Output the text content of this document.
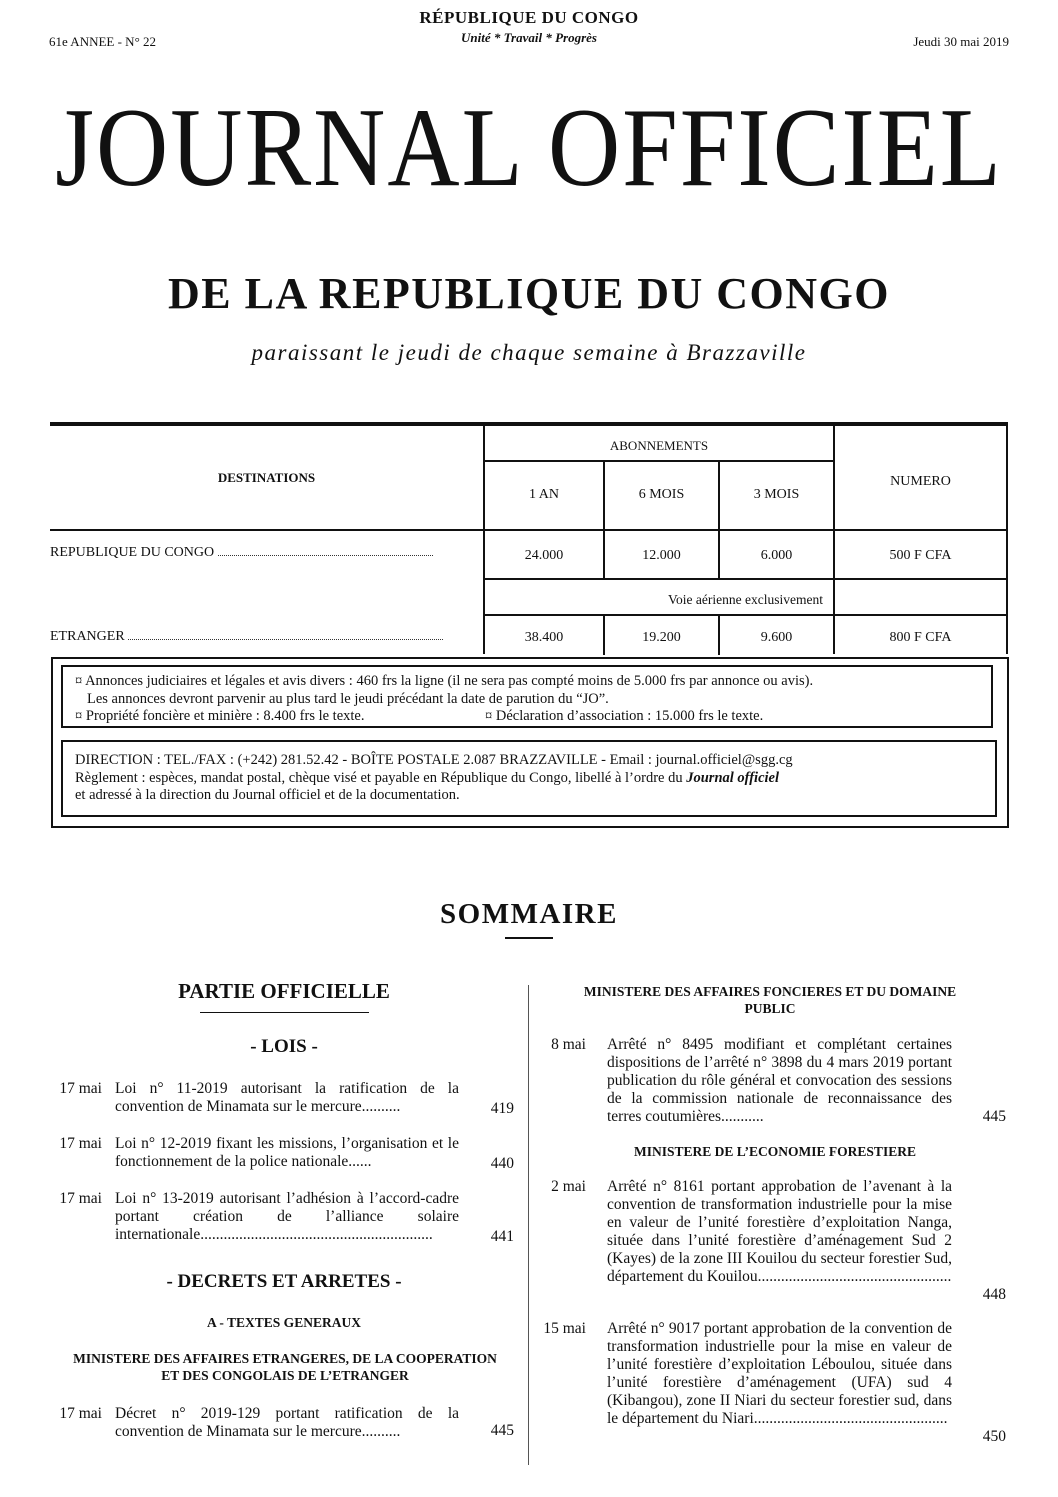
61e ANNEE - N° 22
RÉPUBLIQUE DU CONGO
Unité * Travail * Progrès	Jeudi 30 mai 2019
JOURNAL OFFICIEL
DE LA REPUBLIQUE DU CONGO
paraissant le jeudi de chaque semaine à Brazzaville
DESTINATIONS
ABONNEMENTS
1 AN	6 MOIS	3 MOIS
NUMERO
REPUBLIQUE DU CONGO	24.000	12.000	6.000	500 F CFA
Voie aérienne exclusivement
ETRANGER	38.400	19.200	9.600	800 F CFA
¤ Annonces judiciaires et légales et avis divers : 460 frs la ligne (il ne sera pas compté moins de 5.000 frs par annonce ou avis).
Les annonces devront parvenir au plus tard le jeudi précédant la date de parution du “JO”.
¤ Propriété foncière et minière : 8.400 frs le texte.	¤ Déclaration d’association : 15.000 frs le texte.
DIRECTION : TEL./FAX : (+242) 281.52.42 - BOÎTE POSTALE 2.087 BRAZZAVILLE - Email : journal.officiel@sgg.cg
Règlement : espèces, mandat postal, chèque visé et payable en République du Congo, libellé à l’ordre du Journal officiel
et adressé à la direction du Journal officiel et de la documentation.
SOMMAIRE
PARTIE OFFICIELLE
- LOIS -
17 mai Loi n° 11-2019 autorisant la ratification de la convention de Minamata sur le mercure..........	419
17 mai Loi n° 12-2019 fixant les missions, l’organisation et le fonctionnement de la police nationale......	440
17 mai Loi n° 13-2019 autorisant l’adhésion à l’accord-cadre portant création de l’alliance solaire internationale............................................................	441
- DECRETS ET ARRETES -
A - TEXTES GENERAUX
MINISTERE DES AFFAIRES ETRANGERES, DE LA COOPERATION ET DES CONGOLAIS DE L’ETRANGER
17 mai Décret n° 2019-129 portant ratification de la convention de Minamata sur le mercure..........	445
MINISTERE DES AFFAIRES FONCIERES ET DU DOMAINE PUBLIC
8 mai Arrêté n° 8495 modifiant et complétant certaines dispositions de l’arrêté n° 3898 du 4 mars 2019 portant publication du rôle général et convocation des sessions de la commission nationale de reconnaissance des terres coutumières...........	445
MINISTERE DE L’ECONOMIE FORESTIERE
2 mai Arrêté n° 8161 portant approbation de l’avenant à la convention de transformation industrielle pour la mise en valeur de l’unité forestière d’exploitation Nanga, située dans l’unité forestière d’aménagement Sud 2 (Kayes) de la zone III Kouilou du secteur forestier Sud, département du Kouilou..................................................
448
15 mai Arrêté n° 9017 portant approbation de la convention de transformation industrielle pour la mise en valeur de l’unité forestière d’exploitation Léboulou, située dans l’unité forestière d’aménagement (UFA) sud 4 (Kibangou), zone II Niari du secteur forestier sud, dans le département du Niari..................................................
450
